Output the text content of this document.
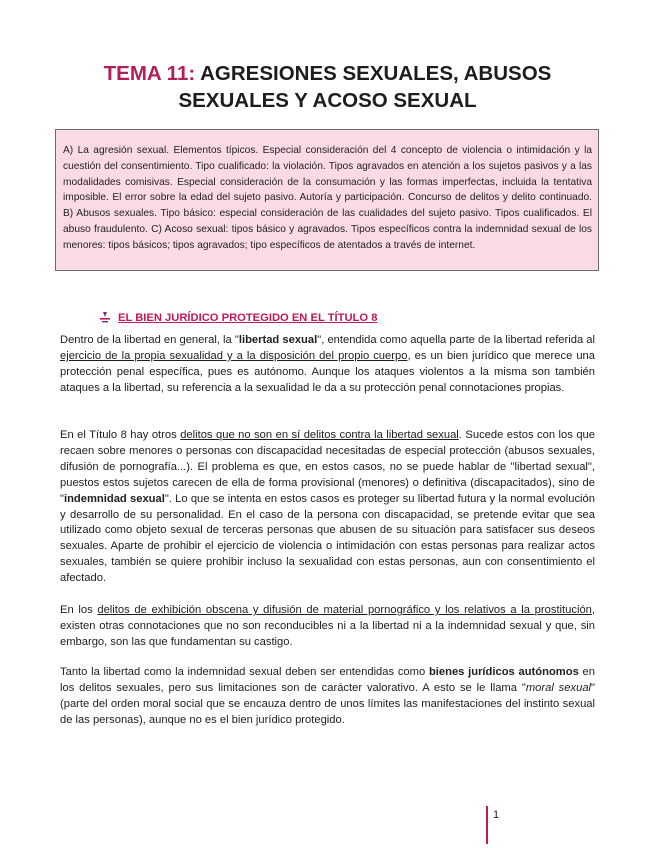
TEMA 11: AGRESIONES SEXUALES, ABUSOS
SEXUALES Y ACOSO SEXUAL
A) La agresión sexual. Elementos típicos. Especial consideración del 4 concepto de violencia o intimidación y la cuestión del consentimiento. Tipo cualificado: la violación. Tipos agravados en atención a los sujetos pasivos y a las modalidades comisivas. Especial consideración de la consumación y las formas imperfectas, incluida la tentativa imposible. El error sobre la edad del sujeto pasivo. Autoría y participación. Concurso de delitos y delito continuado. B) Abusos sexuales. Tipo básico: especial consideración de las cualidades del sujeto pasivo. Tipos cualificados. El abuso fraudulento. C) Acoso sexual: tipos básico y agravados. Tipos específicos contra la indemnidad sexual de los menores: tipos básicos; tipos agravados; tipo específicos de atentados a través de internet.
EL BIEN JURÍDICO PROTEGIDO EN EL TÍTULO 8
Dentro de la libertad en general, la "libertad sexual", entendida como aquella parte de la libertad referida al ejercicio de la propia sexualidad y a la disposición del propio cuerpo, es un bien jurídico que merece una protección penal específica, pues es autónomo. Aunque los ataques violentos a la misma son también ataques a la libertad, su referencia a la sexualidad le da a su protección penal connotaciones propias.
En el Título 8 hay otros delitos que no son en sí delitos contra la libertad sexual. Sucede estos con los que recaen sobre menores o personas con discapacidad necesitadas de especial protección (abusos sexuales, difusión de pornografía...). El problema es que, en estos casos, no se puede hablar de "libertad sexual", puestos estos sujetos carecen de ella de forma provisional (menores) o definitiva (discapacitados), sino de "indemnidad sexual". Lo que se intenta en estos casos es proteger su libertad futura y la normal evolución y desarrollo de su personalidad. En el caso de la persona con discapacidad, se pretende evitar que sea utilizado como objeto sexual de terceras personas que abusen de su situación para satisfacer sus deseos sexuales. Aparte de prohibir el ejercicio de violencia o intimidación con estas personas para realizar actos sexuales, también se quiere prohibir incluso la sexualidad con estas personas, aun con consentimiento el afectado.
En los delitos de exhibición obscena y difusión de material pornográfico y los relativos a la prostitución, existen otras connotaciones que no son reconducibles ni a la libertad ni a la indemnidad sexual y que, sin embargo, son las que fundamentan su castigo.
Tanto la libertad como la indemnidad sexual deben ser entendidas como bienes jurídicos autónomos en los delitos sexuales, pero sus limitaciones son de carácter valorativo. A esto se le llama "moral sexual" (parte del orden moral social que se encauza dentro de unos límites las manifestaciones del instinto sexual de las personas), aunque no es el bien jurídico protegido.
1
